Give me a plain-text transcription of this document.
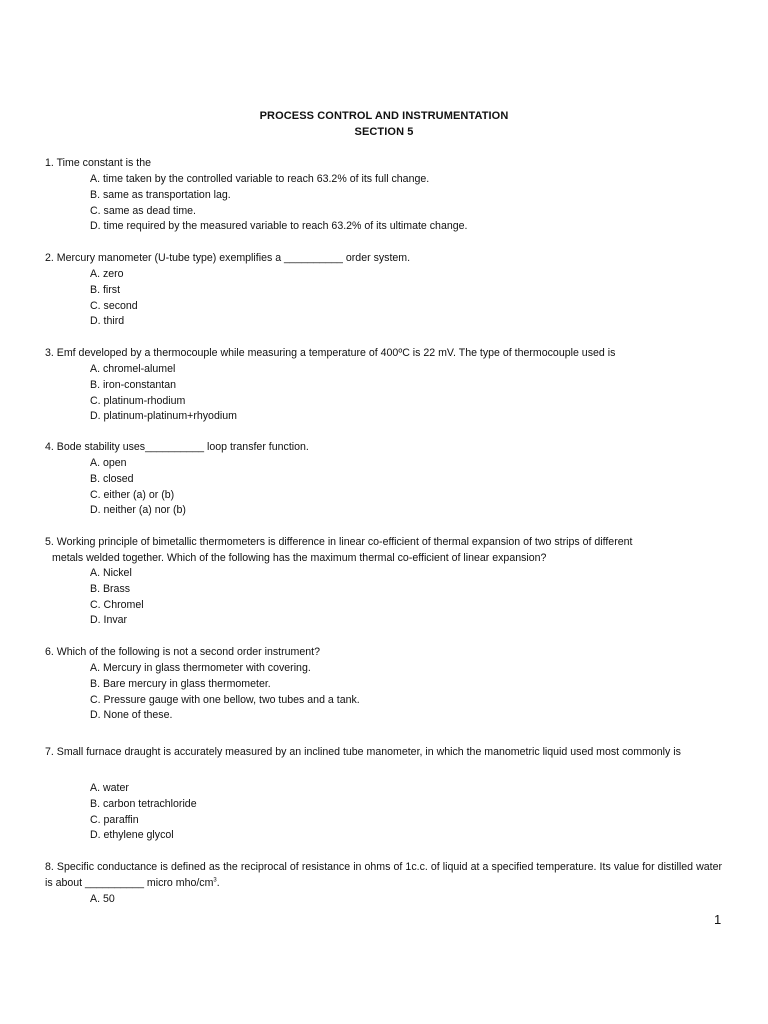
PROCESS CONTROL AND INSTRUMENTATION
SECTION 5
1. Time constant is the
A. time taken by the controlled variable to reach 63.2% of its full change.
B. same as transportation lag.
C. same as dead time.
D. time required by the measured variable to reach 63.2% of its ultimate change.
2. Mercury manometer (U-tube type) exemplifies a __________ order system.
A. zero
B. first
C. second
D. third
3. Emf developed by a thermocouple while measuring a temperature of 400ºC is 22 mV. The type of thermocouple used is
A. chromel-alumel
B. iron-constantan
C. platinum-rhodium
D. platinum-platinum+rhyodium
4. Bode stability uses__________ loop transfer function.
A. open
B. closed
C. either (a) or (b)
D. neither (a) nor (b)
5. Working principle of bimetallic thermometers is difference in linear co-efficient of thermal expansion of two strips of different
metals welded together. Which of the following has the maximum thermal co-efficient of linear expansion?
A. Nickel
B. Brass
C. Chromel
D. Invar
6. Which of the following is not a second order instrument?
A. Mercury in glass thermometer with covering.
B. Bare mercury in glass thermometer.
C. Pressure gauge with one bellow, two tubes and a tank.
D. None of these.
7. Small furnace draught is accurately measured by an inclined tube manometer, in which the manometric liquid used most commonly is
A. water
B. carbon tetrachloride
C. paraffin
D. ethylene glycol
8. Specific conductance is defined as the reciprocal of resistance in ohms of 1c.c. of liquid at a specified temperature. Its value for distilled water is about __________ micro mho/$cm^3$.
A. 50
1
